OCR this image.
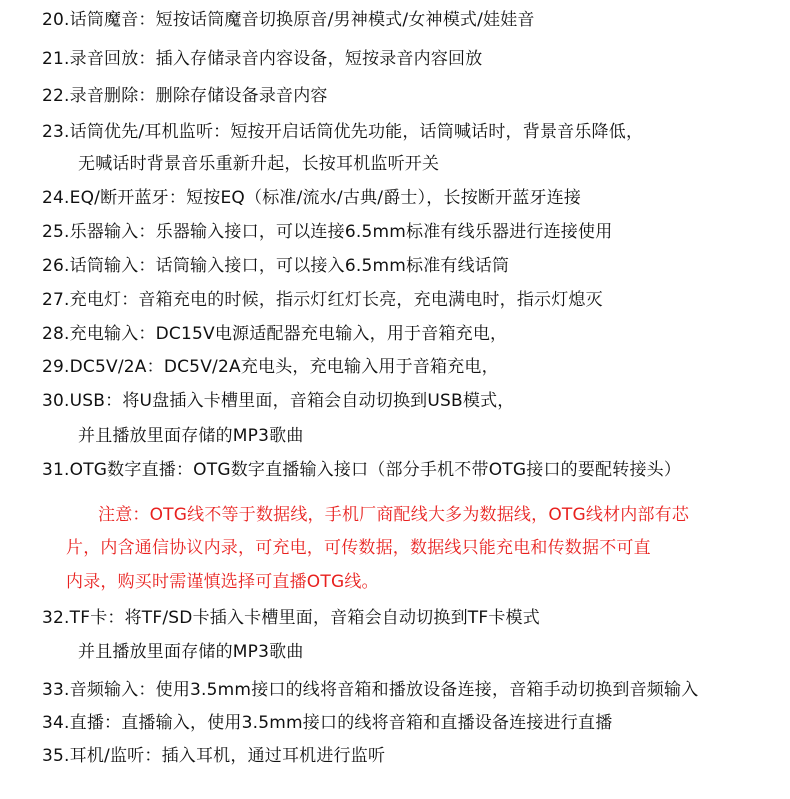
20.话筒魔音：短按话筒魔音切换原音/男神模式/女神模式/娃娃音
21.录音回放：插入存储录音内容设备，短按录音内容回放
22.录音删除：删除存储设备录音内容
23.话筒优先/耳机监听：短按开启话筒优先功能，话筒喊话时，背景音乐降低，
无喊话时背景音乐重新升起，长按耳机监听开关
24.EQ/断开蓝牙：短按EQ（标准/流水/古典/爵士），长按断开蓝牙连接
25.乐器输入：乐器输入接口，可以连接6.5mm标准有线乐器进行连接使用
26.话筒输入：话筒输入接口，可以接入6.5mm标准有线话筒
27.充电灯：音箱充电的时候，指示灯红灯长亮，充电满电时，指示灯熄灭
28.充电输入：DC15V电源适配器充电输入，用于音箱充电，
29.DC5V/2A：DC5V/2A充电头，充电输入用于音箱充电，
30.USB：将U盘插入卡槽里面，音箱会自动切换到USB模式，
并且播放里面存储的MP3歌曲
31.OTG数字直播：OTG数字直播输入接口（部分手机不带OTG接口的要配转接头）
注意：OTG线不等于数据线，手机厂商配线大多为数据线，OTG线材内部有芯
片，内含通信协议内录，可充电，可传数据，数据线只能充电和传数据不可直
内录，购买时需谨慎选择可直播OTG线。
32.TF卡：将TF/SD卡插入卡槽里面，音箱会自动切换到TF卡模式
并且播放里面存储的MP3歌曲
33.音频输入：使用3.5mm接口的线将音箱和播放设备连接，音箱手动切换到音频输入
34.直播：直播输入，使用3.5mm接口的线将音箱和直播设备连接进行直播
35.耳机/监听：插入耳机，通过耳机进行监听
